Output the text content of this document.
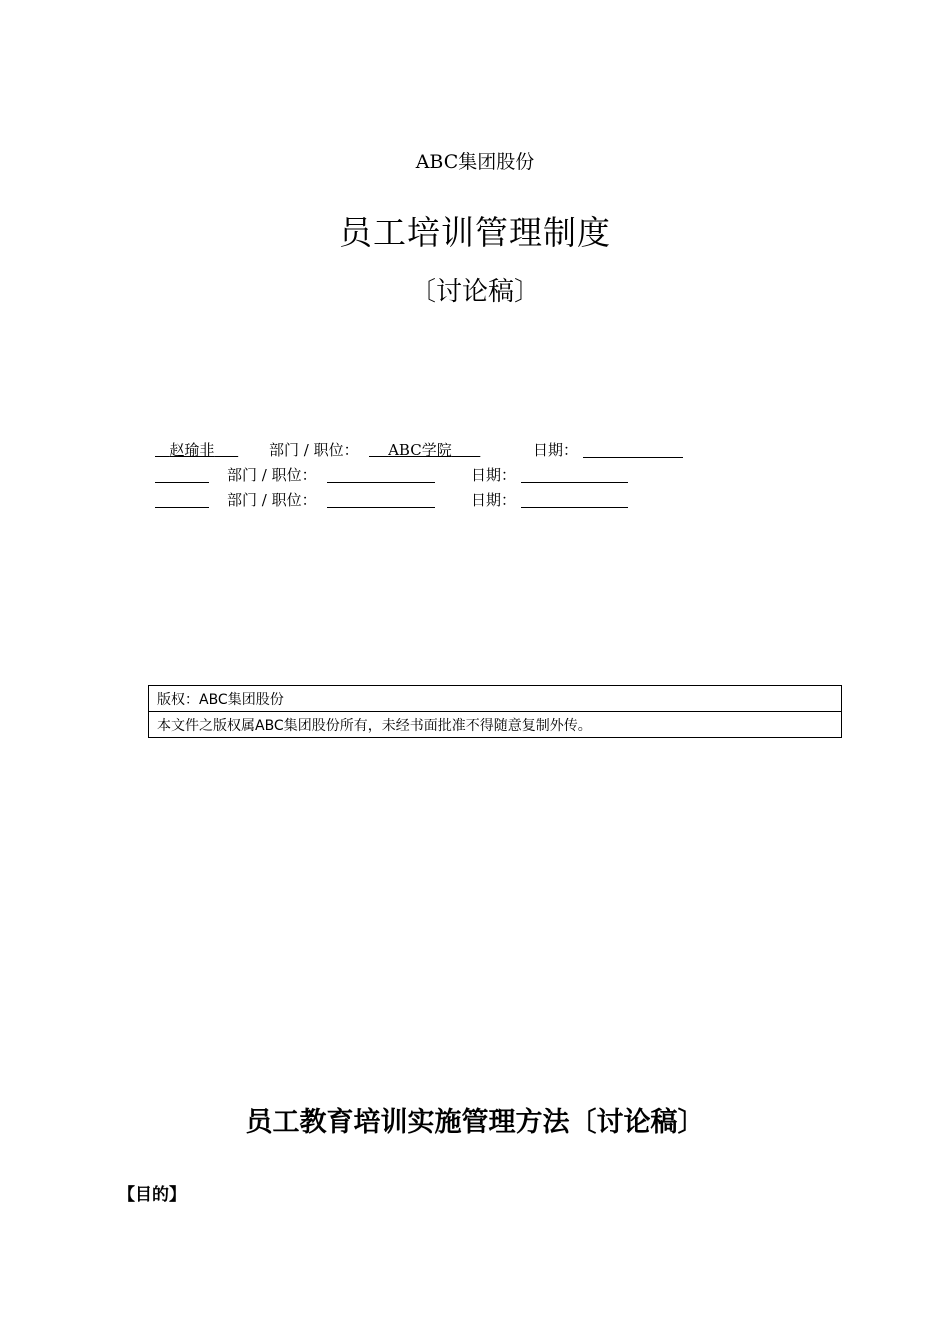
ABC集团股份
员工培训管理制度
〔讨论稿〕
赵瑜非	部门 / 职位：	ABC学院	日期：
部门 / 职位：	日期：
部门 / 职位：	日期：
版权：ABC集团股份
本文件之版权属ABC集团股份所有，未经书面批准不得随意复制外传。
员工教育培训实施管理方法〔讨论稿〕
【目的】
